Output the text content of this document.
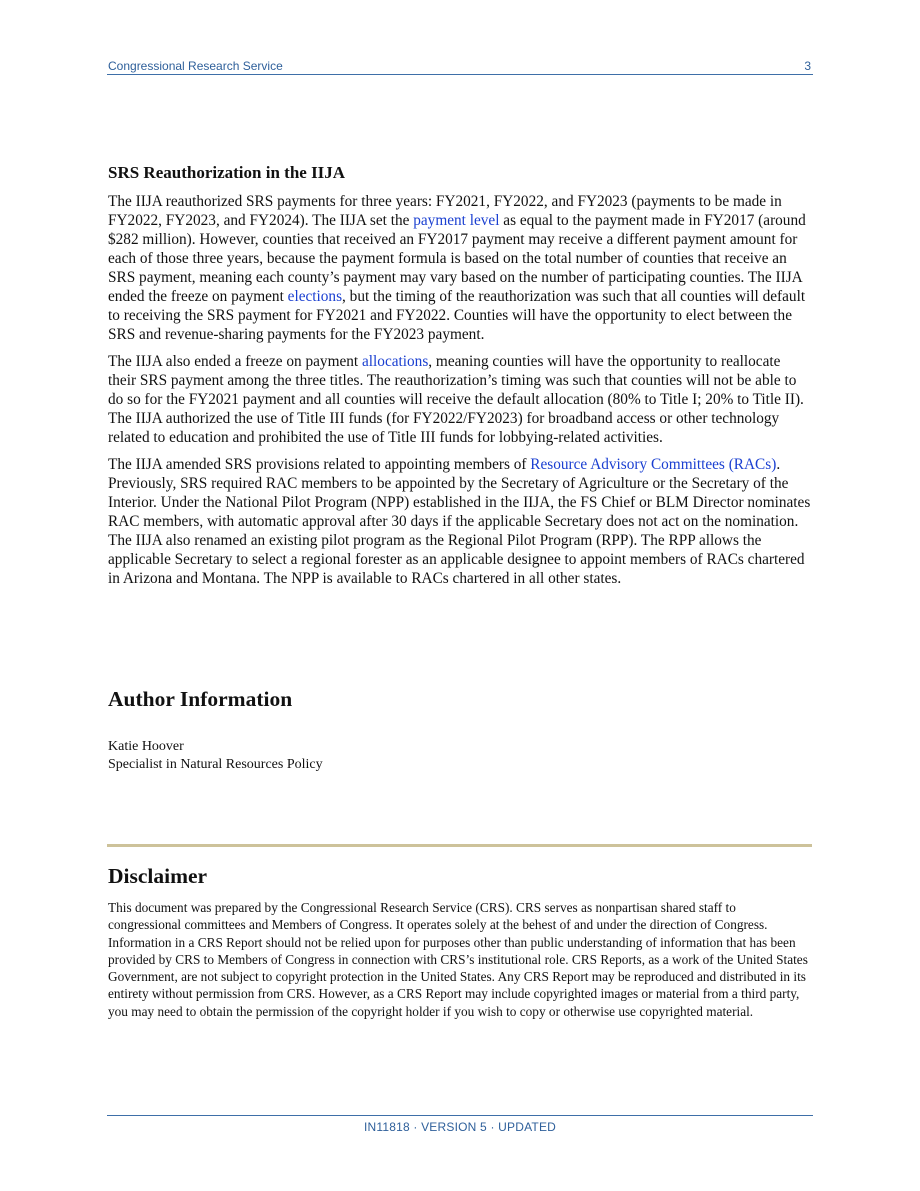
Congressional Research Service	3
SRS Reauthorization in the IIJA

The IIJA reauthorized SRS payments for three years: FY2021, FY2022, and FY2023 (payments to be made in FY2022, FY2023, and FY2024). The IIJA set the payment level as equal to the payment made in FY2017 (around $282 million). However, counties that received an FY2017 payment may receive a different payment amount for each of those three years, because the payment formula is based on the total number of counties that receive an SRS payment, meaning each county’s payment may vary based on the number of participating counties. The IIJA ended the freeze on payment elections, but the timing of the reauthorization was such that all counties will default to receiving the SRS payment for FY2021 and FY2022. Counties will have the opportunity to elect between the SRS and revenue-sharing payments for the FY2023 payment.

The IIJA also ended a freeze on payment allocations, meaning counties will have the opportunity to reallocate their SRS payment among the three titles. The reauthorization’s timing was such that counties will not be able to do so for the FY2021 payment and all counties will receive the default allocation (80% to Title I; 20% to Title II). The IIJA authorized the use of Title III funds (for FY2022/FY2023) for broadband access or other technology related to education and prohibited the use of Title III funds for lobbying-related activities.

The IIJA amended SRS provisions related to appointing members of Resource Advisory Committees (RACs). Previously, SRS required RAC members to be appointed by the Secretary of Agriculture or the Secretary of the Interior. Under the National Pilot Program (NPP) established in the IIJA, the FS Chief or BLM Director nominates RAC members, with automatic approval after 30 days if the applicable Secretary does not act on the nomination. The IIJA also renamed an existing pilot program as the Regional Pilot Program (RPP). The RPP allows the applicable Secretary to select a regional forester as an applicable designee to appoint members of RACs chartered in Arizona and Montana. The NPP is available to RACs chartered in all other states.

Author Information
Katie Hoover
Specialist in Natural Resources Policy
Disclaimer

This document was prepared by the Congressional Research Service (CRS). CRS serves as nonpartisan shared staff to congressional committees and Members of Congress. It operates solely at the behest of and under the direction of Congress. Information in a CRS Report should not be relied upon for purposes other than public understanding of information that has been provided by CRS to Members of Congress in connection with CRS’s institutional role. CRS Reports, as a work of the United States Government, are not subject to copyright protection in the United States. Any CRS Report may be reproduced and distributed in its entirety without permission from CRS. However, as a CRS Report may include copyrighted images or material from a third party, you may need to obtain the permission of the copyright holder if you wish to copy or otherwise use copyrighted material.

IN11818 · VERSION 5 · UPDATED
